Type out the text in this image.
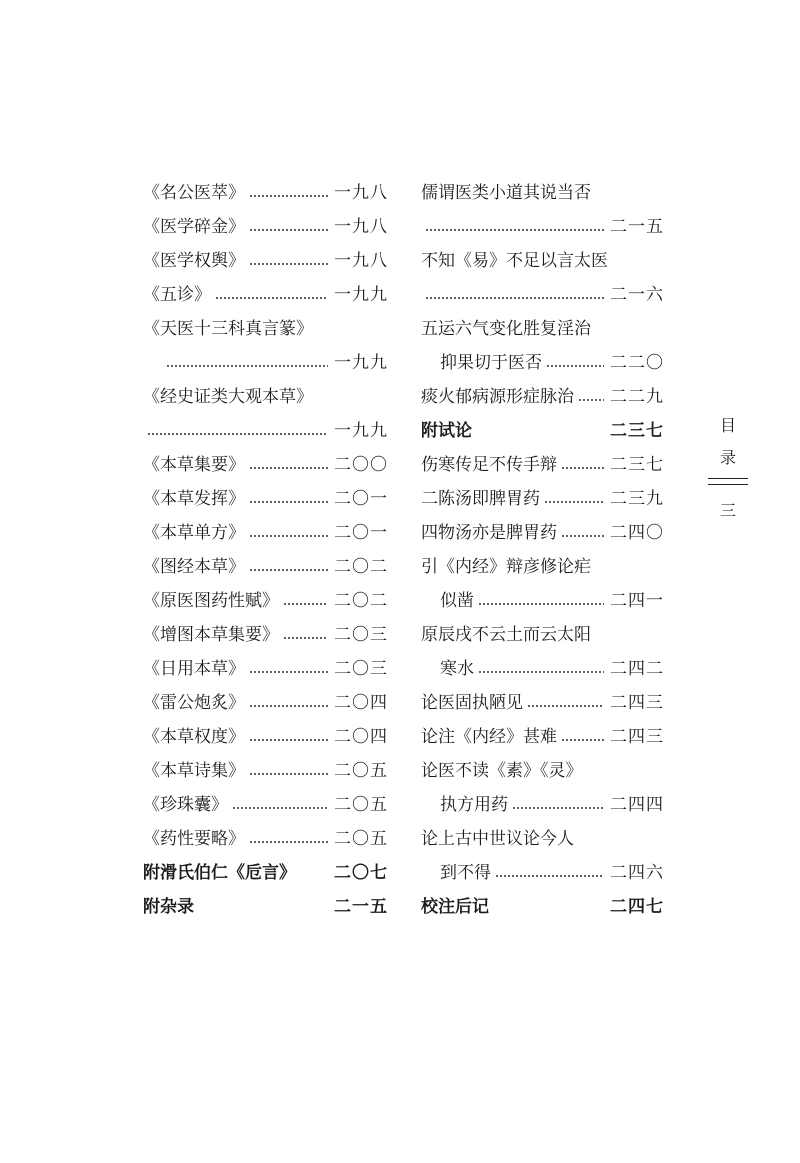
《名公医萃》	一九八
《医学碎金》	一九八
《医学权舆》	一九八
《五诊》	一九九
《天医十三科真言篆》
一九九
《经史证类大观本草》
一九九
《本草集要》	二〇〇
《本草发挥》	二〇一
《本草单方》	二〇一
《图经本草》	二〇二
《原医图药性赋》	二〇二
《增图本草集要》	二〇三
《日用本草》	二〇三
《雷公炮炙》	二〇四
《本草权度》	二〇四
《本草诗集》	二〇五
《珍珠囊》	二〇五
《药性要略》	二〇五
附滑氏伯仁《卮言》 二〇七
附杂录	二一五
儒谓医类小道其说当否
二一五
不知《易》不足以言太医
二一六
五运六气变化胜复淫治
抑果切于医否	二二〇
痰火郁病源形症脉治 二二九
附试论	二三七
伤寒传足不传手辩	二三七
二陈汤即脾胃药	二三九
四物汤亦是脾胃药	二四〇
引《内经》辩彦修论疟
似凿	二四一
原辰戌不云土而云太阳
寒水	二四二
论医固执陋见	二四三
论注《内经》甚难	二四三
论医不读《素》《灵》
执方用药	二四四
论上古中世议论今人
到不得	二四六
校注后记	二四七
目
录
三
